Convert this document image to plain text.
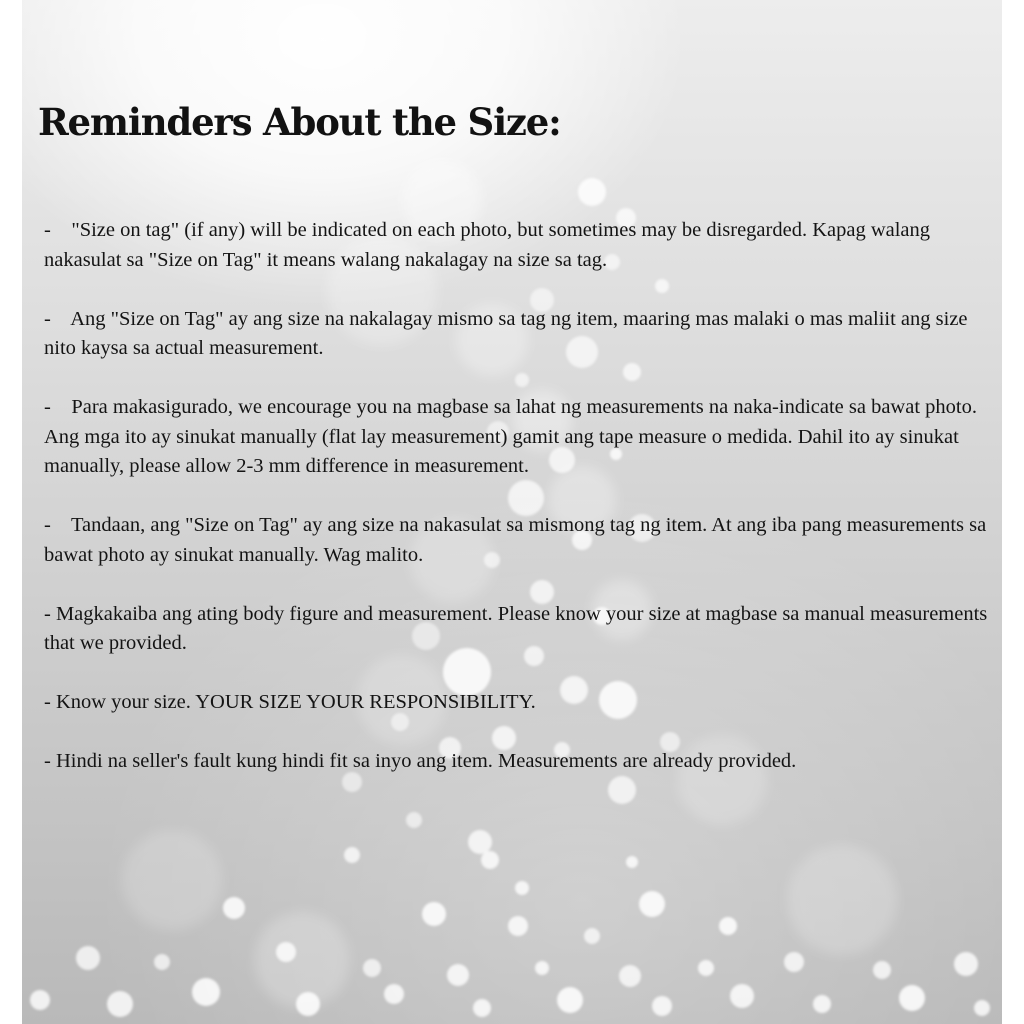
Reminders About the Size:
- "Size on tag" (if any) will be indicated on each photo, but sometimes may be disregarded. Kapag walang nakasulat sa "Size on Tag" it means walang nakalagay na size sa tag.
- Ang "Size on Tag" ay ang size na nakalagay mismo sa tag ng item, maaring mas malaki o mas maliit ang size nito kaysa sa actual measurement.
- Para makasigurado, we encourage you na magbase sa lahat ng measurements na naka-indicate sa bawat photo. Ang mga ito ay sinukat manually (flat lay measurement) gamit ang tape measure o medida. Dahil ito ay sinukat manually, please allow 2-3 mm difference in measurement.
- Tandaan, ang "Size on Tag" ay ang size na nakasulat sa mismong tag ng item. At ang iba pang measurements sa bawat photo ay sinukat manually. Wag malito.
- Magkakaiba ang ating body figure and measurement. Please know your size at magbase sa manual measurements that we provided.
- Know your size. YOUR SIZE YOUR RESPONSIBILITY.
- Hindi na seller's fault kung hindi fit sa inyo ang item. Measurements are already provided.
